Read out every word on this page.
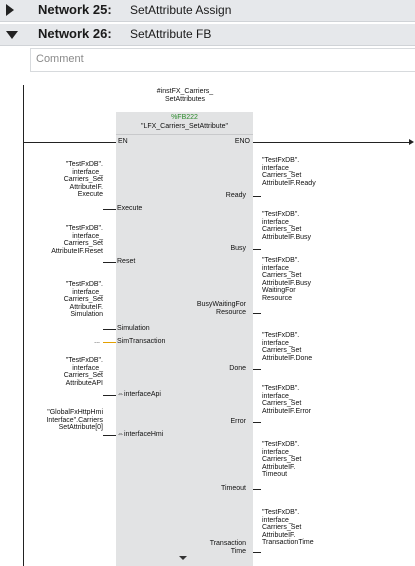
Network 25: SetAttribute Assign
Network 26: SetAttribute FB
Comment
#instFX_Carriers_
SetAttributes
%FB222
"LFX_Carriers_SetAttribute"
EN	ENO
"TestFxDB".
interface_
Carriers_Set
AttributeIF.
Execute
Execute
"TestFxDB".
interface_
Carriers_Set
AttributeIF.Reset
Reset
"TestFxDB".
interface_
Carriers_Set
AttributeIF.
Simulation
Simulation
... SimTransaction
"TestFxDB".
interface_
Carriers_Set
AttributeAPI
⇔interfaceApi
"GlobalFxHttpHmi
Interface".Carriers
SetAttribute[0]
⇔interfaceHmi
Ready
"TestFxDB".
interface_
Carriers_Set
AttributeIF.Ready
Busy
"TestFxDB".
interface_
Carriers_Set
AttributeIF.Busy
BusyWaitingFor
Resource
"TestFxDB".
interface_
Carriers_Set
AttributeIF.Busy
WaitingFor
Resource
Done
"TestFxDB".
interface_
Carriers_Set
AttributeIF.Done
Error
"TestFxDB".
interface_
Carriers_Set
AttributeIF.Error
Timeout
"TestFxDB".
interface_
Carriers_Set
AttributeIF.
Timeout
Transaction
Time
"TestFxDB".
interface_
Carriers_Set
AttributeIF.
TransactionTime
